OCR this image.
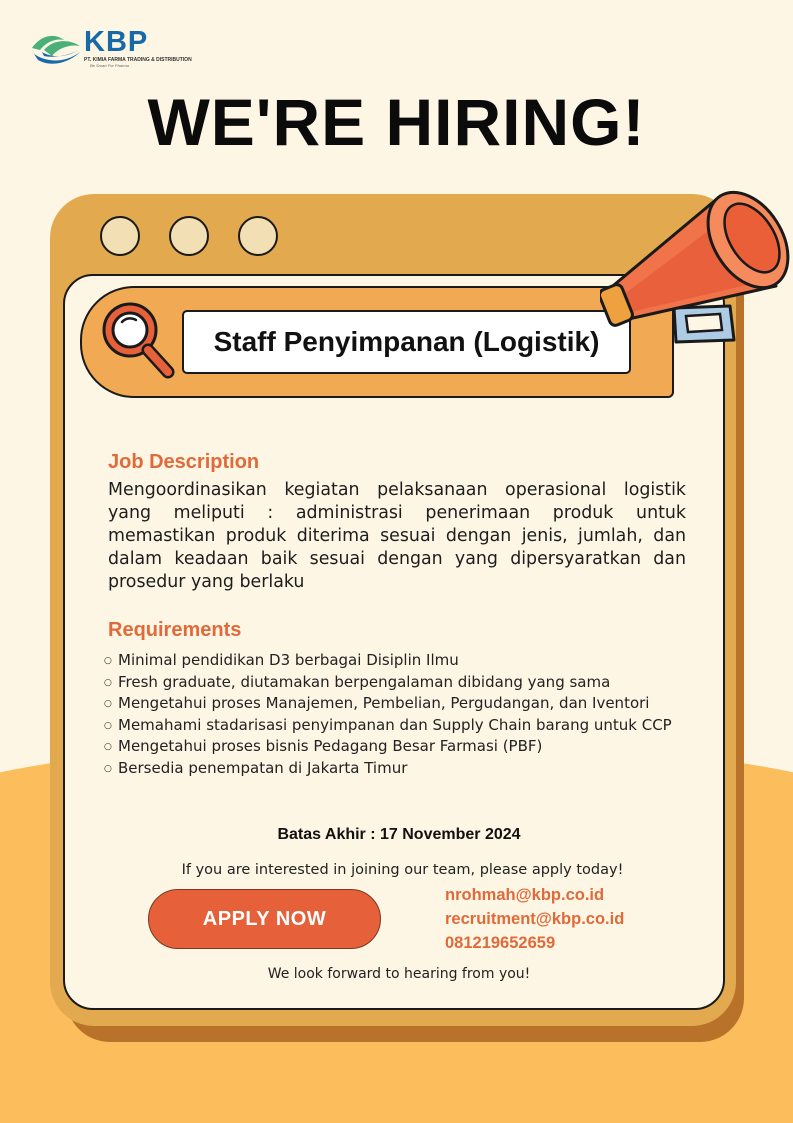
KBP
PT. KIMIA FARMA TRADING & DISTRIBUTION
Be Smart For Pharma
WE'RE HIRING!
Staff Penyimpanan (Logistik)
Job Description

Mengoordinasikan kegiatan pelaksanaan operasional logistik yang meliputi : administrasi penerimaan produk untuk memastikan produk diterima sesuai dengan jenis, jumlah, dan dalam keadaan baik sesuai dengan yang dipersyaratkan dan prosedur yang berlaku

Requirements
○ Minimal pendidikan D3 berbagai Disiplin Ilmu
○ Fresh graduate, diutamakan berpengalaman dibidang yang sama
○ Mengetahui proses Manajemen, Pembelian, Pergudangan, dan Iventori
○ Memahami stadarisasi penyimpanan dan Supply Chain barang untuk CCP
○ Mengetahui proses bisnis Pedagang Besar Farmasi (PBF)
○ Bersedia penempatan di Jakarta Timur
Batas Akhir : 17 November 2024
If you are interested in joining our team, please apply today!
APPLY NOW
nrohmah@kbp.co.id
recruitment@kbp.co.id
081219652659
We look forward to hearing from you!
